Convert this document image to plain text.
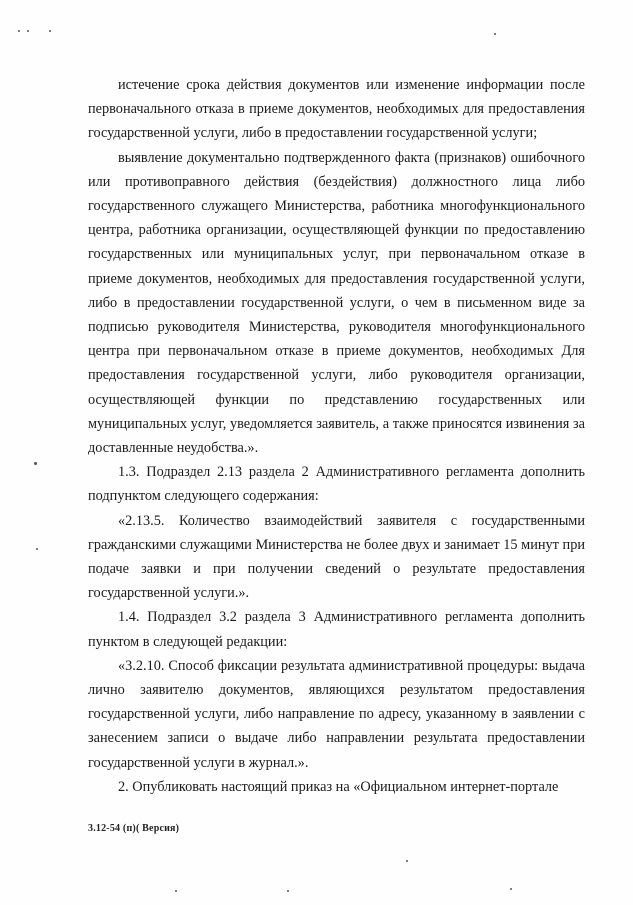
истечение срока действия документов или изменение информации после первоначального отказа в приеме документов, необходимых для предоставления государственной услуги, либо в предоставлении государственной услуги;

выявление документально подтвержденного факта (признаков) ошибочного или противоправного действия (бездействия) должностного лица либо государственного служащего Министерства, работника многофункционального центра, работника организации, осуществляющей функции по предоставлению государственных или муниципальных услуг, при первоначальном отказе в приеме документов, необходимых для предоставления государственной услуги, либо в предоставлении государственной услуги, о чем в письменном виде за подписью руководителя Министерства, руководителя многофункционального центра при первоначальном отказе в приеме документов, необходимых Для предоставления государственной услуги, либо руководителя организации, осуществляющей функции по представлению государственных или муниципальных услуг, уведомляется заявитель, а также приносятся извинения за доставленные неудобства.».

1.3. Подраздел 2.13 раздела 2 Административного регламента дополнить подпунктом следующего содержания:

«2.13.5. Количество взаимодействий заявителя с государственными гражданскими служащими Министерства не более двух и занимает 15 минут при подаче заявки и при получении сведений о результате предоставления государственной услуги.».

1.4. Подраздел 3.2 раздела 3 Административного регламента дополнить пунктом в следующей редакции:

«3.2.10. Способ фиксации результата административной процедуры: выдача лично заявителю документов, являющихся результатом предоставления государственной услуги, либо направление по адресу, указанному в заявлении с занесением записи о выдаче либо направлении результата предоставлении государственной услуги в журнал.».

2. Опубликовать настоящий приказ на «Официальном интернет-портале

3.12-54 (п)( Версия)
